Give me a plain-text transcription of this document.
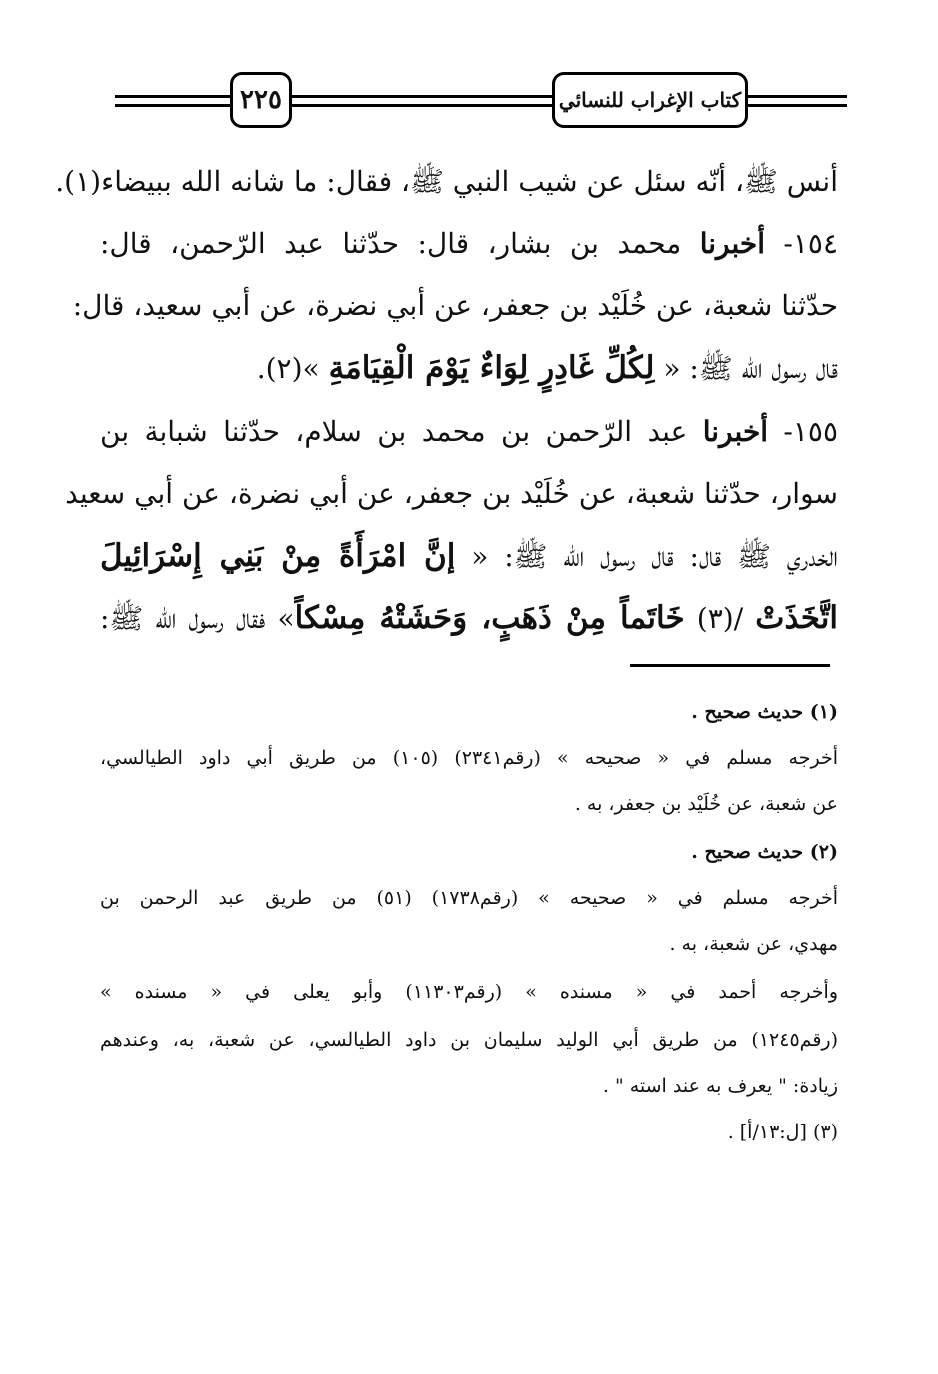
٢٢٥	كتاب الإغراب للنسائي
أنس ﷺ، أنّه سئل عن شيب النبي ﷺ، فقال: ما شانه الله ببيضاء(١).
١٥٤- أخبرنا محمد بن بشار، قال: حدّثنا عبد الرّحمن، قال:
حدّثنا شعبة، عن خُلَيْد بن جعفر، عن أبي نضرة، عن أبي سعيد، قال:
قال رسول الله ﷺ: « لِكُلِّ غَادِرٍ لِوَاءٌ يَوْمَ الْقِيَامَةِ »(٢).
١٥٥- أخبرنا عبد الرّحمن بن محمد بن سلام، حدّثنا شبابة بن
سوار، حدّثنا شعبة، عن خُلَيْد بن جعفر، عن أبي نضرة، عن أبي سعيد
الخدري ﷺ قال: قال رسول الله ﷺ: « إنَّ امْرَأَةً مِنْ بَنِي إِسْرَائِيلَ
اتَّخَذَتْ /(٣) خَاتَماً مِنْ ذَهَبٍ، وَحَشَتْهُ مِسْكاً» فقال رسول الله ﷺ:
(١) حديث صحيح .
أخرجه مسلم في « صحيحه » (رقم٢٣٤١) (١٠٥) من طريق أبي داود الطيالسي،
عن شعبة، عن خُلَيْد بن جعفر، به .
(٢) حديث صحيح .
أخرجه مسلم في « صحيحه » (رقم١٧٣٨) (٥١) من طريق عبد الرحمن بن
مهدي، عن شعبة، به .
وأخرجه أحمد في « مسنده » (رقم١١٣٠٣) وأبو يعلى في « مسنده »
(رقم١٢٤٥) من طريق أبي الوليد سليمان بن داود الطيالسي، عن شعبة، به، وعندهم
زيادة: " يعرف به عند استه " .
(٣) [ل:١٣/أ] .
